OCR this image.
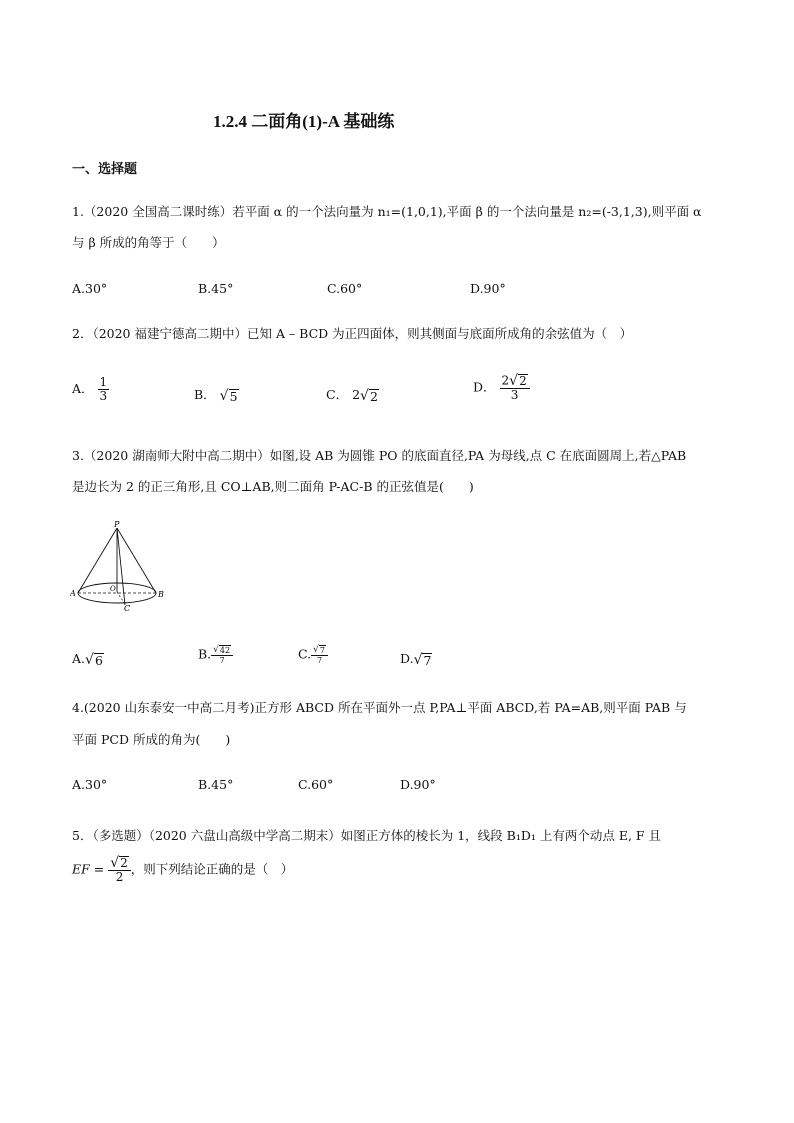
1.2.4 二面角(1)-A 基础练
一、选择题
1.（2020 全国高二课时练）若平面 α 的一个法向量为 n₁=(1,0,1),平面 β 的一个法向量是 n₂=(-3,1,3),则平面 α
与 β 所成的角等于（　　）
A.30°	B.45°	C.60°	D.90°
2．（2020 福建宁德高二期中）已知 A – BCD 为正四面体，则其侧面与底面所成角的余弦值为（　）
A． $\frac{1}{3}$	B． √ 5	C． 2 √ 2
D． $\frac{2 √ 2}{3}$
3.（2020 湖南师大附中高二期中）如图,设 AB 为圆锥 PO 的底面直径,PA 为母线,点 C 在底面圆周上,若△PAB
是边长为 2 的正三角形,且 CO⊥AB,则二面角 P-AC-B 的正弦值是(　　)
P
A	B
C
O
A. √ 6	B. $\frac{√ 42}{7}$	C. $\frac{√ 7}{7}$	D. √ 7
4.(2020 山东泰安一中高二月考)正方形 ABCD 所在平面外一点 P,PA⊥平面 ABCD,若 PA=AB,则平面 PAB 与
平面 PCD 所成的角为(　　)
A.30°	B.45°	C.60°	D.90°
5．（多选题）（2020 六盘山高级中学高二期末）如图正方体的棱长为 1，线段 B₁D₁ 上有两个动点 E, F 且
EF = $\frac{√ 2}{2}$ ，则下列结论正确的是（　）
